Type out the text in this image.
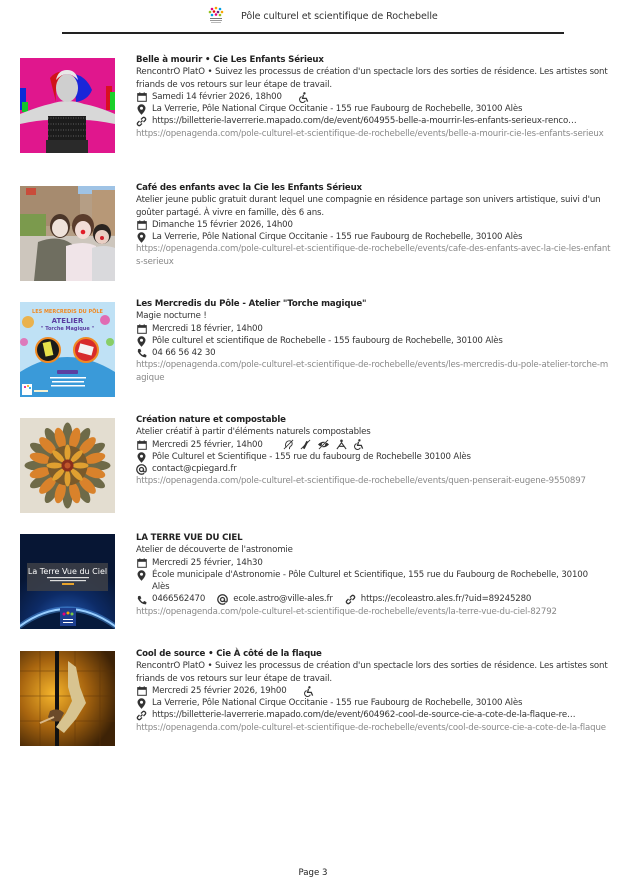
Pôle culturel et scientifique de Rochebelle
Belle à mourir • Cie Les Enfants Sérieux
RencontrO PlatO • Suivez les processus de création d'un spectacle lors des sorties de résidence. Les artistes sont friands de vos retours sur leur étape de travail.
Samedi 14 février 2026, 18h00
La Verrerie, Pôle National Cirque Occitanie - 155 rue Faubourg de Rochebelle, 30100 Alès
https://billetterie-laverrerie.mapado.com/de/event/604955-belle-a-mourrir-les-enfants-serieux-renco…
https://openagenda.com/pole-culturel-et-scientifique-de-rochebelle/events/belle-a-mourir-cie-les-enfants-serieux
Café des enfants avec la Cie les Enfants Sérieux
Atelier jeune public gratuit durant lequel une compagnie en résidence partage son univers artistique, suivi d'un goûter partagé. À vivre en famille, dès 6 ans.
Dimanche 15 février 2026, 14h00
La Verrerie, Pôle National Cirque Occitanie - 155 rue Faubourg de Rochebelle, 30100 Alès
https://openagenda.com/pole-culturel-et-scientifique-de-rochebelle/events/cafe-des-enfants-avec-la-cie-les-enfants-serieux
LES MERCREDIS DU PÔLE
ATELIER
" Torche Magique "
Les Mercredis du Pôle - Atelier "Torche magique"
Magie nocturne !
Mercredi 18 février, 14h00
Pôle culturel et scientifique de Rochebelle - 155 faubourg de Rochebelle, 30100 Alès
04 66 56 42 30
https://openagenda.com/pole-culturel-et-scientifique-de-rochebelle/events/les-mercredis-du-pole-atelier-torche-magique
Création nature et compostable
Atelier créatif à partir d'éléments naturels compostables
Mercredi 25 février, 14h00
Pôle Culturel et Scientifique - 155 rue du faubourg de Rochebelle 30100 Alès
contact@cpiegard.fr
https://openagenda.com/pole-culturel-et-scientifique-de-rochebelle/events/quen-penserait-eugene-9550897
La Terre Vue du Ciel
LA TERRE VUE DU CIEL
Atelier de découverte de l'astronomie
Mercredi 25 février, 14h30
École municipale d'Astronomie - Pôle Culturel et Scientifique, 155 rue du Faubourg de Rochebelle, 30100 Alès
0466562470	ecole.astro@ville-ales.fr	https://ecoleastro.ales.fr/?uid=89245280
https://openagenda.com/pole-culturel-et-scientifique-de-rochebelle/events/la-terre-vue-du-ciel-82792
Cool de source • Cie À côté de la flaque
RencontrO PlatO • Suivez les processus de création d'un spectacle lors des sorties de résidence. Les artistes sont friands de vos retours sur leur étape de travail.
Mercredi 25 février 2026, 19h00
La Verrerie, Pôle National Cirque Occitanie - 155 rue Faubourg de Rochebelle, 30100 Alès
https://billetterie-laverrerie.mapado.com/de/event/604962-cool-de-source-cie-a-cote-de-la-flaque-re…
https://openagenda.com/pole-culturel-et-scientifique-de-rochebelle/events/cool-de-source-cie-a-cote-de-la-flaque
Page 3
